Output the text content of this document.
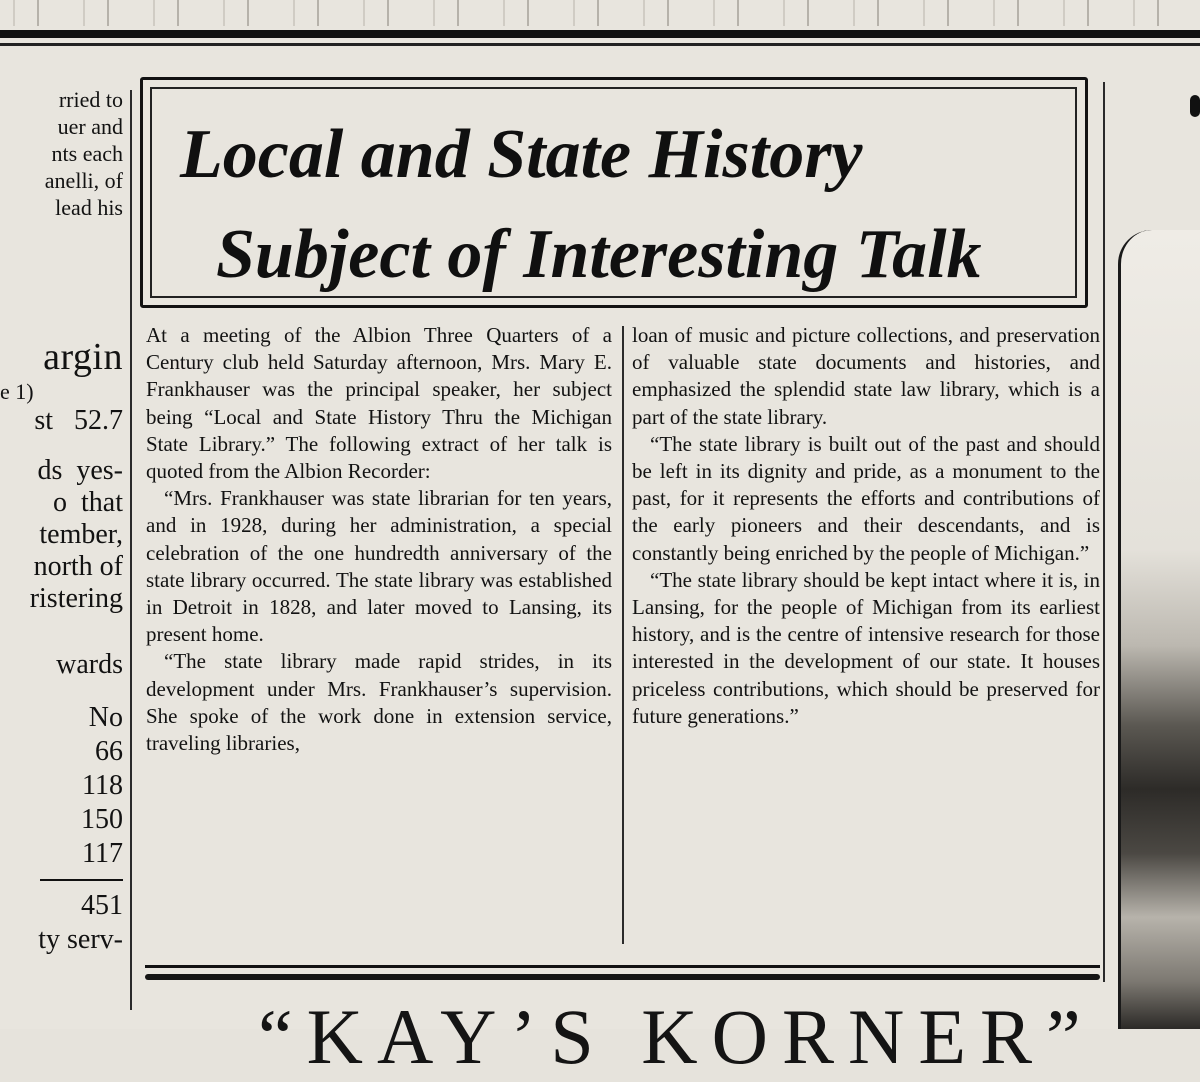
rried to
uer and
nts each
anelli, of
lead his
argin
e 1)
st   52.7
ds  yes-
o  that
tember,
north of
ristering
wards
No
66
118
150
117
451
ty serv-
Local and State History
Subject of Interesting Talk

At a meeting of the Albion Three Quarters of a Century club held Saturday afternoon, Mrs. Mary E. Frankhauser was the principal speaker, her subject being “Local and State History Thru the Michigan State Library.” The following extract of her talk is quoted from the Albion Recorder:

“Mrs. Frankhauser was state librarian for ten years, and in 1928, during her administration, a special celebration of the one hundredth anniversary of the state library occurred. The state library was established in Detroit in 1828, and later moved to Lansing, its present home.

“The state library made rapid strides, in its development under Mrs. Frankhauser’s supervision. She spoke of the work done in extension service, traveling libraries,

loan of music and picture collections, and preservation of valuable state documents and histories, and emphasized the splendid state law library, which is a part of the state library.

“The state library is built out of the past and should be left in its dignity and pride, as a monument to the past, for it represents the efforts and contributions of the early pioneers and their descendants, and is constantly being enriched by the people of Michigan.”

“The state library should be kept intact where it is, in Lansing, for the people of Michigan from its earliest history, and is the centre of intensive research for those interested in the development of our state. It houses priceless contributions, which should be preserved for future generations.”

“KAY’S KORNER”
